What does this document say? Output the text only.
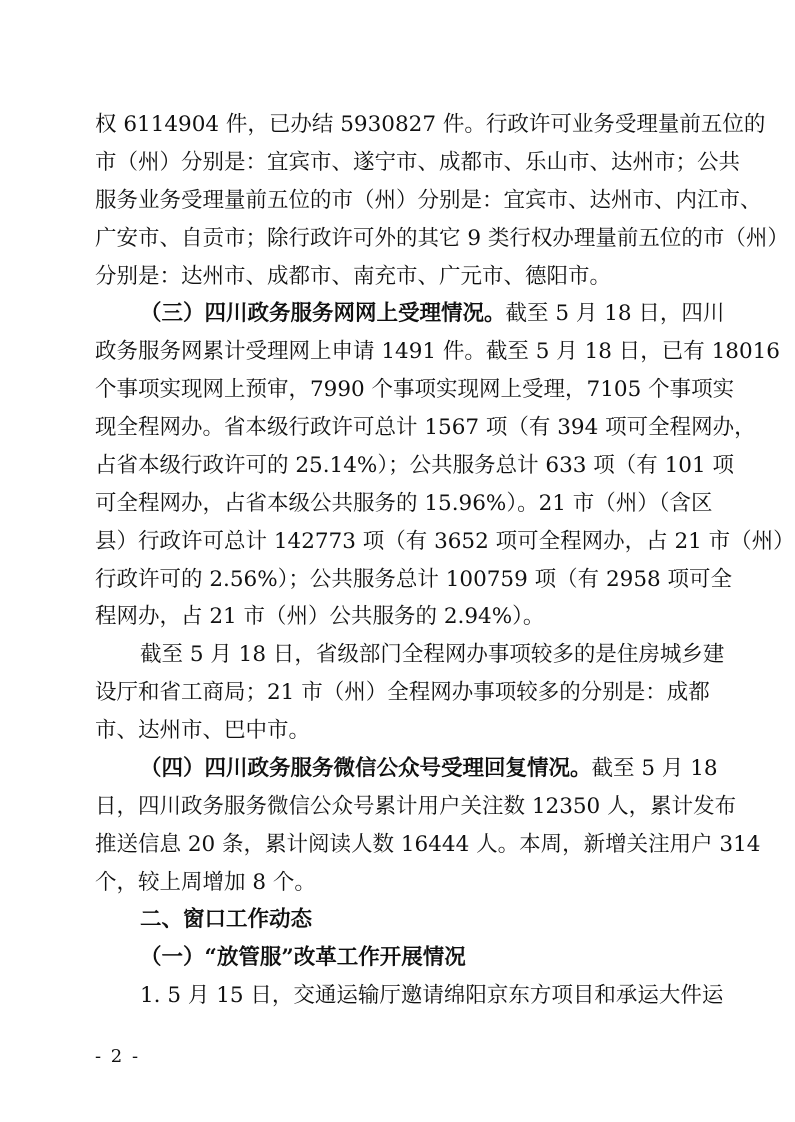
权 6114904 件，已办结 5930827 件。行政许可业务受理量前五位的
市（州）分别是：宜宾市、遂宁市、成都市、乐山市、达州市；公共
服务业务受理量前五位的市（州）分别是：宜宾市、达州市、内江市、
广安市、自贡市；除行政许可外的其它 9 类行权办理量前五位的市（州）
分别是：达州市、成都市、南充市、广元市、德阳市。
（三）四川政务服务网网上受理情况。截至 5 月 18 日，四川
政务服务网累计受理网上申请 1491 件。截至 5 月 18 日，已有 18016
个事项实现网上预审，7990 个事项实现网上受理，7105 个事项实
现全程网办。省本级行政许可总计 1567 项（有 394 项可全程网办，
占省本级行政许可的 25.14%）；公共服务总计 633 项（有 101 项
可全程网办，占省本级公共服务的 15.96%）。21 市（州）（含区
县）行政许可总计 142773 项（有 3652 项可全程网办，占 21 市（州）
行政许可的 2.56%）；公共服务总计 100759 项（有 2958 项可全
程网办，占 21 市（州）公共服务的 2.94%）。
截至 5 月 18 日，省级部门全程网办事项较多的是住房城乡建
设厅和省工商局；21 市（州）全程网办事项较多的分别是：成都
市、达州市、巴中市。
（四）四川政务服务微信公众号受理回复情况。截至 5 月 18
日，四川政务服务微信公众号累计用户关注数 12350 人，累计发布
推送信息 20 条，累计阅读人数 16444 人。本周，新增关注用户 314
个，较上周增加 8 个。
二、窗口工作动态
（一）“放管服”改革工作开展情况
1. 5 月 15 日，交通运输厅邀请绵阳京东方项目和承运大件运
- 2 -
